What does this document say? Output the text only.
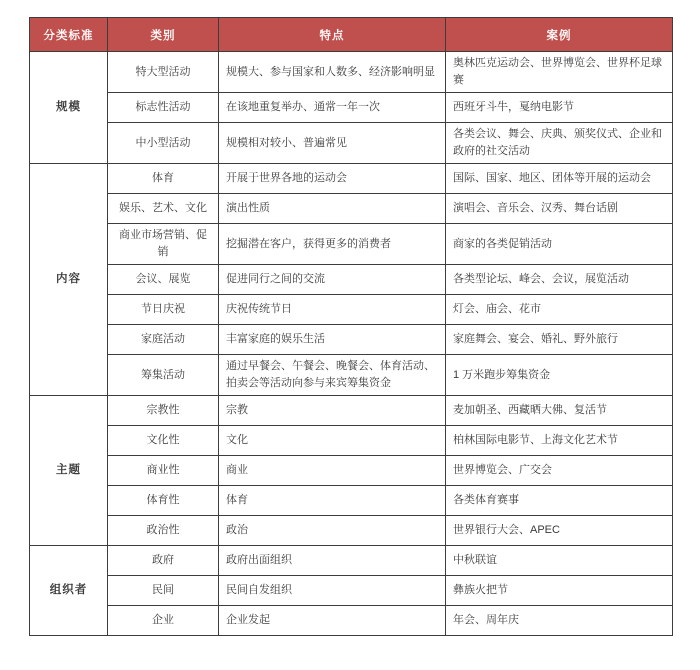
分类标准	类别	特点	案例
规模	特大型活动	规模大、参与国家和人数多、经济影响明显	奥林匹克运动会、世界博览会、世界杯足球赛
	标志性活动	在该地重复举办、通常一年一次	西班牙斗牛，戛纳电影节
	中小型活动	规模相对较小、普遍常见	各类会议、舞会、庆典、颁奖仪式、企业和政府的社交活动
内容	体育	开展于世界各地的运动会	国际、国家、地区、团体等开展的运动会
	娱乐、艺术、文化	演出性质	演唱会、音乐会、汉秀、舞台话剧
	商业市场营销、促销	挖掘潜在客户，获得更多的消费者	商家的各类促销活动
	会议、展览	促进同行之间的交流	各类型论坛、峰会、会议，展览活动
	节日庆祝	庆祝传统节日	灯会、庙会、花市
	家庭活动	丰富家庭的娱乐生活	家庭舞会、宴会、婚礼、野外旅行
	筹集活动	通过早餐会、午餐会、晚餐会、体育活动、拍卖会等活动向参与来宾筹集资金	1 万米跑步筹集资金
主题	宗教性	宗教	麦加朝圣、西藏晒大佛、复活节
	文化性	文化	柏林国际电影节、上海文化艺术节
	商业性	商业	世界博览会、广交会
	体育性	体育	各类体育赛事
	政治性	政治	世界银行大会、APEC
组织者	政府	政府出面组织	中秋联谊
	民间	民间自发组织	彝族火把节
	企业	企业发起	年会、周年庆
